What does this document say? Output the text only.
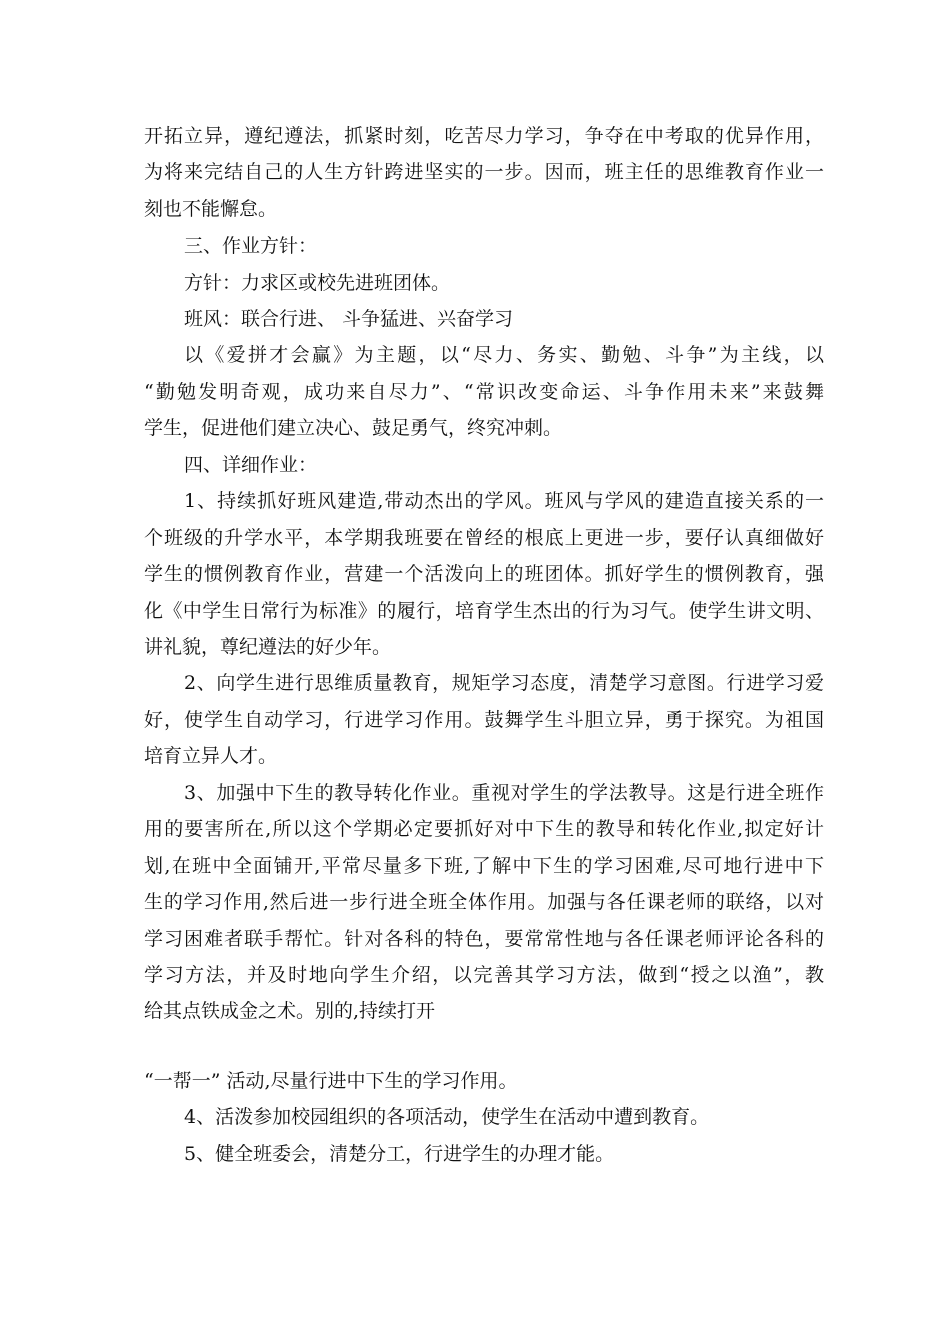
开拓立异，遵纪遵法，抓紧时刻，吃苦尽力学习，争夺在中考取的优异作用，
为将来完结自己的人生方针跨进坚实的一步。因而，班主任的思维教育作业一
刻也不能懈怠。
三、作业方针：
方针：力求区或校先进班团体。
班风：联合行进、 斗争猛进、兴奋学习
以《爱拼才会赢》为主题，以“尽力、务实、勤勉、斗争”为主线，以
“勤勉发明奇观，成功来自尽力”、“常识改变命运、斗争作用未来”来鼓舞
学生，促进他们建立决心、鼓足勇气，终究冲刺。
四、详细作业：
1、持续抓好班风建造,带动杰出的学风。班风与学风的建造直接关系的一
个班级的升学水平，本学期我班要在曾经的根底上更进一步，要仔认真细做好
学生的惯例教育作业，营建一个活泼向上的班团体。抓好学生的惯例教育，强
化《中学生日常行为标准》的履行，培育学生杰出的行为习气。使学生讲文明、
讲礼貌，尊纪遵法的好少年。
2、向学生进行思维质量教育，规矩学习态度，清楚学习意图。行进学习爱
好，使学生自动学习，行进学习作用。鼓舞学生斗胆立异，勇于探究。为祖国
培育立异人才。
3、加强中下生的教导转化作业。重视对学生的学法教导。这是行进全班作
用的要害所在,所以这个学期必定要抓好对中下生的教导和转化作业,拟定好计
划,在班中全面铺开,平常尽量多下班,了解中下生的学习困难,尽可地行进中下
生的学习作用,然后进一步行进全班全体作用。加强与各任课老师的联络，以对
学习困难者联手帮忙。针对各科的特色，要常常性地与各任课老师评论各科的
学习方法，并及时地向学生介绍，以完善其学习方法，做到“授之以渔”，教
给其点铁成金之术。别的,持续打开
“一帮一” 活动,尽量行进中下生的学习作用。
4、活泼参加校园组织的各项活动，使学生在活动中遭到教育。
5、健全班委会，清楚分工，行进学生的办理才能。
